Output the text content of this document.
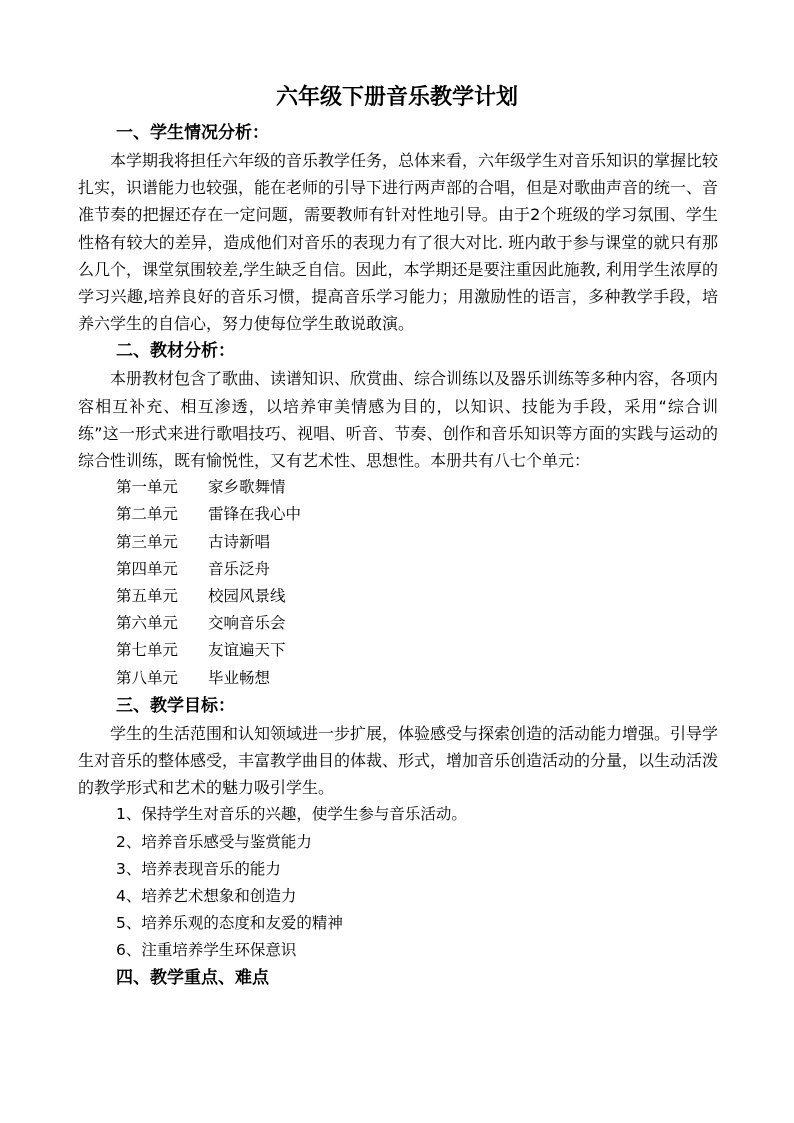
六年级下册音乐教学计划

一、学生情况分析：

本学期我将担任六年级的音乐教学任务，总体来看，六年级学生对音乐知识的掌握比较扎实，识谱能力也较强，能在老师的引导下进行两声部的合唱，但是对歌曲声音的统一、音准节奏的把握还存在一定问题，需要教师有针对性地引导。由于2个班级的学习氛围、学生性格有较大的差异，造成他们对音乐的表现力有了很大对比. 班内敢于参与课堂的就只有那么几个，课堂氛围较差,学生缺乏自信。因此，本学期还是要注重因此施教, 利用学生浓厚的学习兴趣,培养良好的音乐习惯，提高音乐学习能力；用激励性的语言，多种教学手段，培养六学生的自信心，努力使每位学生敢说敢演。

二、教材分析：

本册教材包含了歌曲、读谱知识、欣赏曲、综合训练以及器乐训练等多种内容，各项内容相互补充、相互渗透，以培养审美情感为目的，以知识、技能为手段，采用“综合训练”这一形式来进行歌唱技巧、视唱、听音、节奏、创作和音乐知识等方面的实践与运动的综合性训练，既有愉悦性，又有艺术性、思想性。本册共有八七个单元：

第一单元 家乡歌舞情

第二单元 雷锋在我心中

第三单元 古诗新唱

第四单元 音乐泛舟

第五单元 校园风景线

第六单元 交响音乐会

第七单元 友谊遍天下

第八单元 毕业畅想

三、教学目标：

学生的生活范围和认知领域进一步扩展，体验感受与探索创造的活动能力增强。引导学生对音乐的整体感受，丰富教学曲目的体裁、形式，增加音乐创造活动的分量，以生动活泼的教学形式和艺术的魅力吸引学生。

1、保持学生对音乐的兴趣，使学生参与音乐活动。

2、培养音乐感受与鉴赏能力

3、培养表现音乐的能力

4、培养艺术想象和创造力

5、培养乐观的态度和友爱的精神

6、注重培养学生环保意识

四、教学重点、难点
